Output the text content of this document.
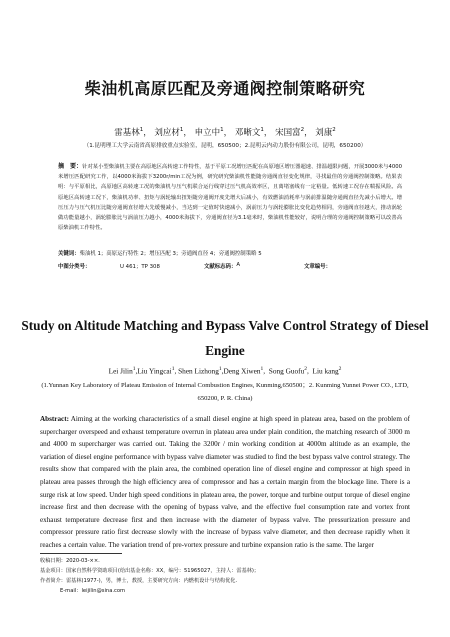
柴油机高原匹配及旁通阀控制策略研究
雷基林$^1$， 刘应材$^1$， 申立中$^1$， 邓晰文$^1$， 宋国富$^2$， 刘康$^2$
（1.昆明理工大学云南省高原排放重点实验室，昆明，650500；2.昆明云内动力股份有限公司，昆明，650200）
摘　要：针对某小型柴油机主要在高原地区高转速工作特性，基于平原工况增压匹配在高原地区增压器超速、排温超限问题，开展3000米与4000米增压匹配研究工作，以4000米海拔下3200r/min工况为例，研究研究柴油机性能随旁通阀直径变化规律，寻找最佳的旁通阀控制策略。结果表明：与平原相比，高原地区高转速工况的柴油机与压气机联合运行线穿过压气机高效率区，且离堵塞线有一定裕量。低转速工况存在喘振风险。高原地区高转速工况下，柴油机功率、扭矩与涡轮输出扭矩随旁通阀开度先增大后减小，有效燃油消耗率与涡前排温随旁通阀直径先减小后增大。增压压力与压气机压比随旁通阀直径增大先缓慢减小，当达到一定值时快速减小，涡前压力与涡轮膨胀比变化趋势相同，旁通阀直径越大，推动涡轮做功能量越小，涡轮膨胀比与涡前压力越小，4000米海拔下，旁通阀直径为3.1毫米时，柴油机性能较好，说明合理的旁通阀控制策略可以改善高原柴油机工作特性。
关键词：柴油机 1；高原运行特性 2；增压匹配 3；旁通阀直径 4；旁通阀控制策略 5
中图分类号：	U 461；TP 308	文献标志码： A	文章编号：
Study on Altitude Matching and Bypass Valve Control Strategy of Diesel Engine
Lei Jilin$^1$,Liu Yingcai$^1$, Shen Lizhong$^1$,Deng Xiwen$^1$,  Song Guofu$^2$,  Liu kang$^2$
(1.Yunnan Key Laboratory of Plateau Emission of Internal Combustion Engines, Kunming,650500；2. Kunming Yunnei Power CO., LTD, 650200, P. R. China)
Abstract: Aiming at the working characteristics of a small diesel engine at high speed in plateau area, based on the problem of supercharger overspeed and exhaust temperature overrun in plateau area under plain condition, the matching research of 3000 m and 4000 m supercharger was carried out. Taking the 3200r / min working condition at 4000m altitude as an example, the variation of diesel engine performance with bypass valve diameter was studied to find the best bypass valve control strategy. The results show that compared with the plain area, the combined operation line of diesel engine and compressor at high speed in plateau area passes through the high efficiency area of compressor and has a certain margin from the blockage line. There is a surge risk at low speed. Under high speed conditions in plateau area, the power, torque and turbine output torque of diesel engine increase first and then decrease with the opening of bypass valve, and the effective fuel consumption rate and vortex front exhaust temperature decrease first and then increase with the diameter of bypass valve. The pressurization pressure and compressor pressure ratio first decrease slowly with the increase of bypass valve diameter, and then decrease rapidly when it reaches a certain value. The variation trend of pre-vortex pressure and turbine expansion ratio is the same. The larger
收稿日期：2020-03-××.
基金项目：国家自然科学资助项目(给出基金名称：XX，编号：51965027，主持人：雷基林)；
作者简介：雷基林(1977-)，男，博士，教授，主要研究方向：内燃机设计与结构优化.
E-mail：leijilin@sina.com
